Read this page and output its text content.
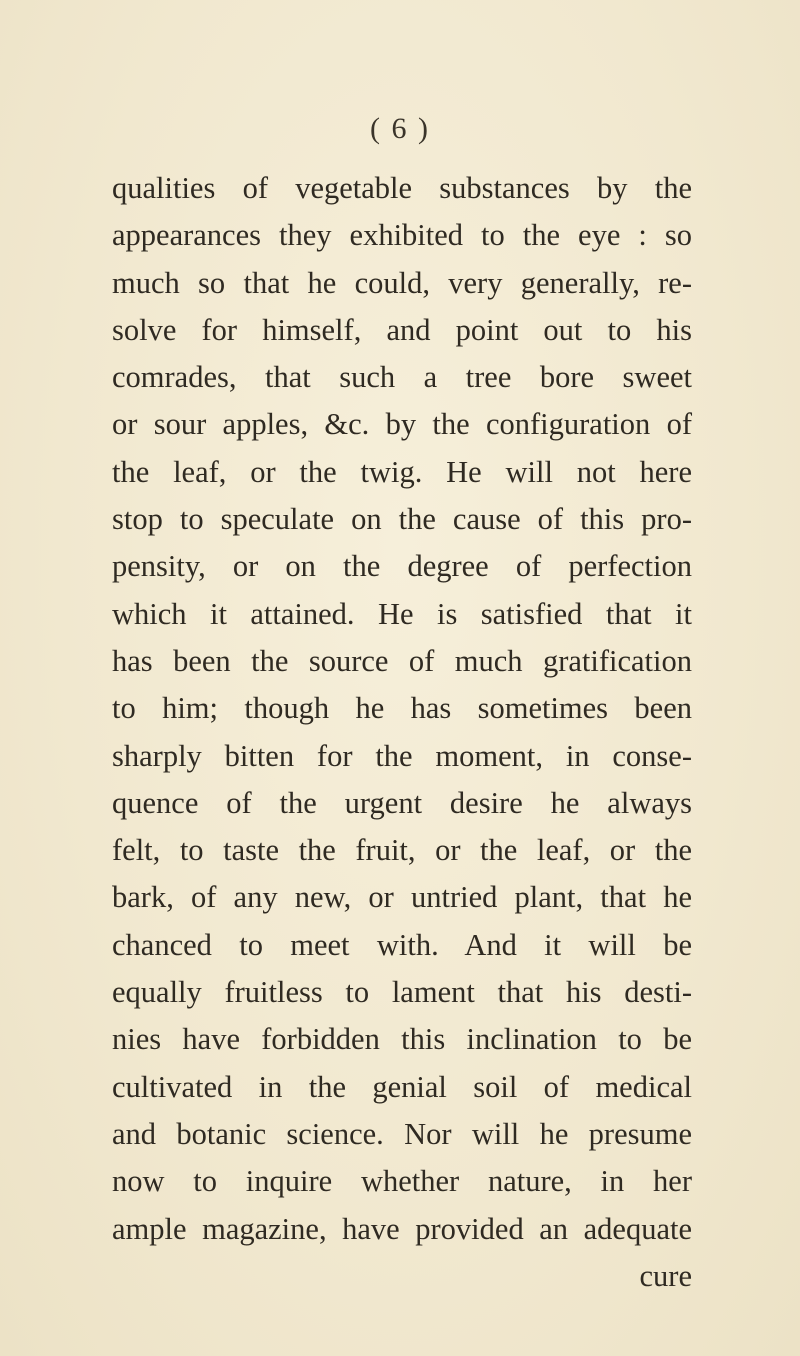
( 6 )
qualities of vegetable substances by the
appearances they exhibited to the eye : so
much so that he could, very generally, re-
solve for himself, and point out to his
comrades, that such a tree bore sweet
or sour apples, &c. by the configuration of
the leaf, or the twig. He will not here
stop to speculate on the cause of this pro-
pensity, or on the degree of perfection
which it attained. He is satisfied that it
has been the source of much gratification
to him; though he has sometimes been
sharply bitten for the moment, in conse-
quence of the urgent desire he always
felt, to taste the fruit, or the leaf, or the
bark, of any new, or untried plant, that he
chanced to meet with. And it will be
equally fruitless to lament that his desti-
nies have forbidden this inclination to be
cultivated in the genial soil of medical
and botanic science. Nor will he presume
now to inquire whether nature, in her
ample magazine, have provided an adequate
cure
